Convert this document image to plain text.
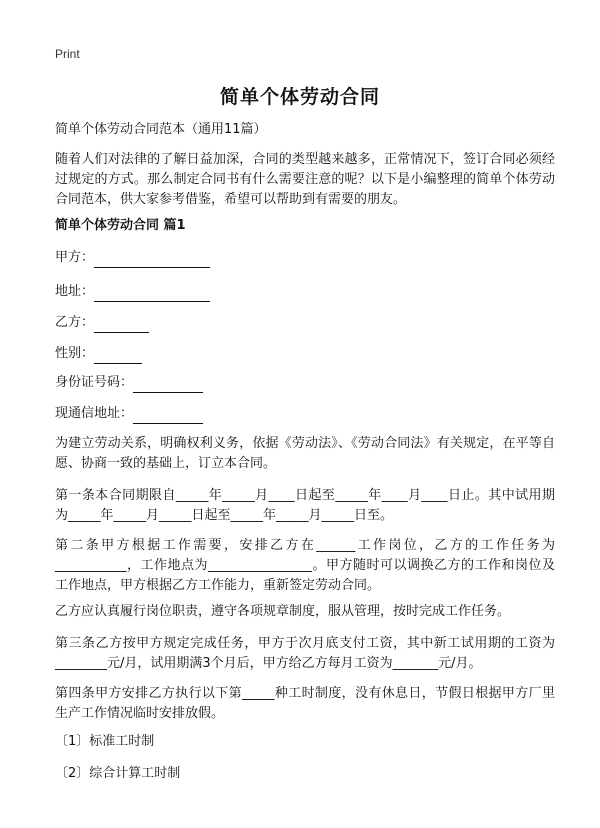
Print
简单个体劳动合同

简单个体劳动合同范本（通用11篇）

随着人们对法律的了解日益加深，合同的类型越来越多，正常情况下，签订合同必须经过规定的方式。那么制定合同书有什么需要注意的呢？以下是小编整理的简单个体劳动合同范本，供大家参考借鉴，希望可以帮助到有需要的朋友。

简单个体劳动合同 篇1

甲方：
地址：
乙方：
性别：
身份证号码：
现通信地址：

为建立劳动关系，明确权利义务，依据《劳动法》、《劳动合同法》有关规定，在平等自愿、协商一致的基础上，订立本合同。

第一条本合同期限自_____年_____月____日起至_____年____月____日止。其中试用期为_____年_____月_____日起至_____年_____月_____日至。

第二条甲方根据工作需要，安排乙方在______工作岗位，乙方的工作任务为___________，工作地点为________________。甲方随时可以调换乙方的工作和岗位及工作地点，甲方根据乙方工作能力，重新签定劳动合同。

乙方应认真履行岗位职责，遵守各项规章制度，服从管理，按时完成工作任务。

第三条乙方按甲方规定完成任务，甲方于次月底支付工资，其中新工试用期的工资为________元/月，试用期满3个月后，甲方给乙方每月工资为_______元/月。

第四条甲方安排乙方执行以下第_____种工时制度，没有休息日，节假日根据甲方厂里生产工作情况临时安排放假。

〔1〕标准工时制

〔2〕综合计算工时制
